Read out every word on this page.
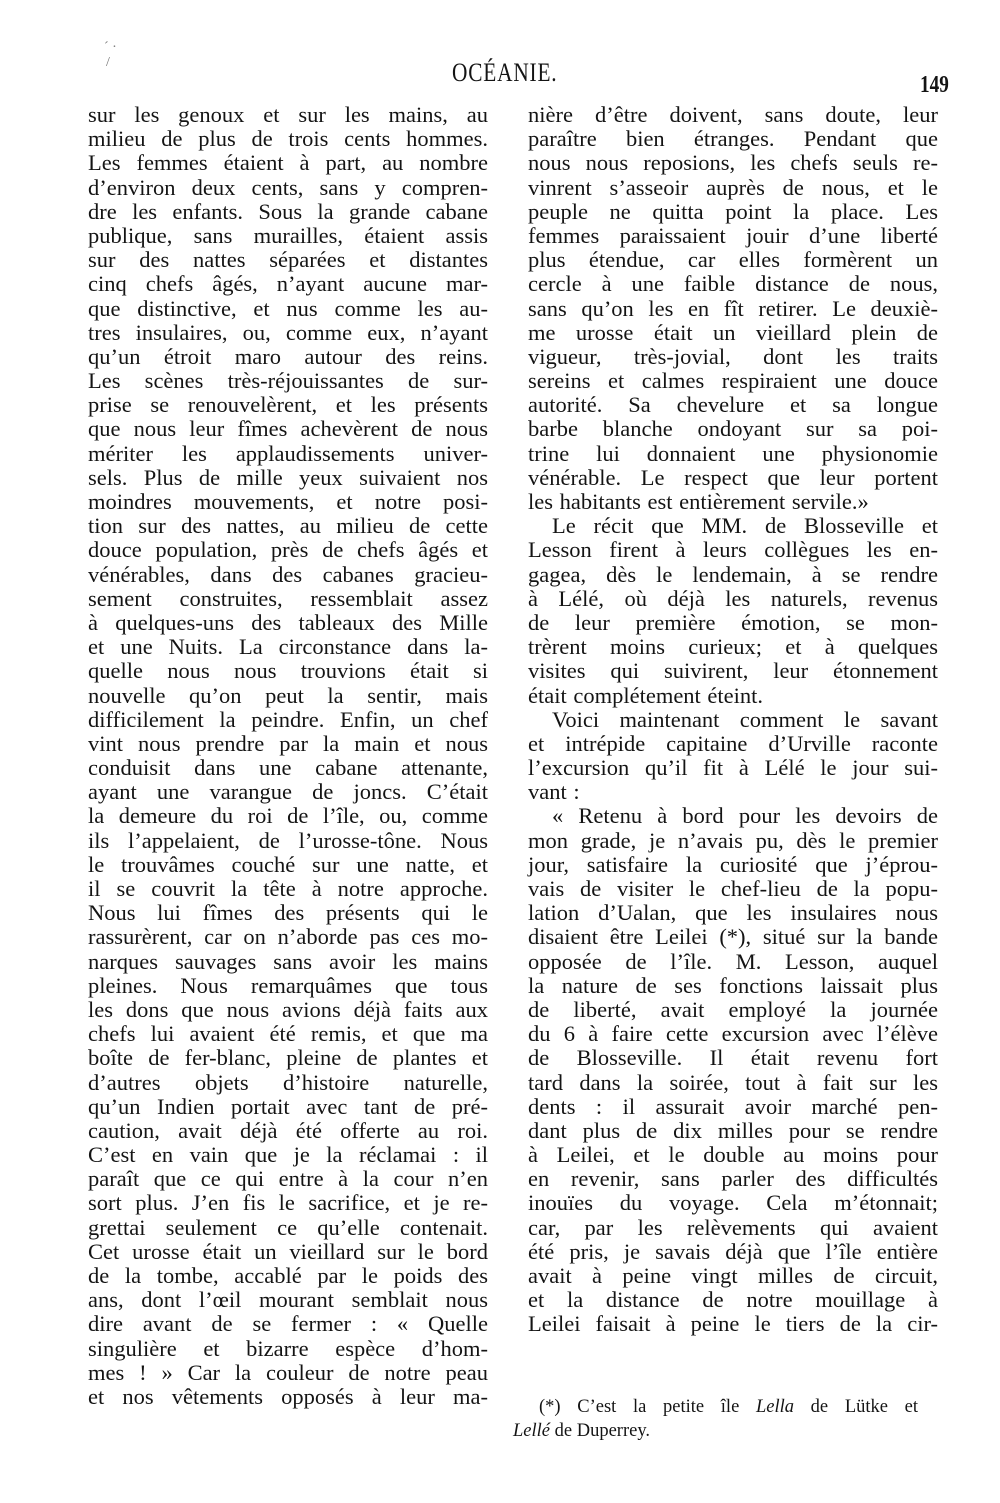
´ ·
/	OCÉANIE.	149
sur les genoux et sur les mains, au
milieu de plus de trois cents hommes.
Les femmes étaient à part, au nombre
d’environ deux cents, sans y compren-
dre les enfants. Sous la grande cabane
publique, sans murailles, étaient assis
sur des nattes séparées et distantes
cinq chefs âgés, n’ayant aucune mar-
que distinctive, et nus comme les au-
tres insulaires, ou, comme eux, n’ayant
qu’un étroit maro autour des reins.
Les scènes très-réjouissantes de sur-
prise se renouvelèrent, et les présents
que nous leur fîmes achevèrent de nous
mériter les applaudissements univer-
sels. Plus de mille yeux suivaient nos
moindres mouvements, et notre posi-
tion sur des nattes, au milieu de cette
douce population, près de chefs âgés et
vénérables, dans des cabanes gracieu-
sement construites, ressemblait assez
à quelques-uns des tableaux des Mille
et une Nuits. La circonstance dans la-
quelle nous nous trouvions était si
nouvelle qu’on peut la sentir, mais
difficilement la peindre. Enfin, un chef
vint nous prendre par la main et nous
conduisit dans une cabane attenante,
ayant une varangue de joncs. C’était
la demeure du roi de l’île, ou, comme
ils l’appelaient, de l’urosse-tône. Nous
le trouvâmes couché sur une natte, et
il se couvrit la tête à notre approche.
Nous lui fîmes des présents qui le
rassurèrent, car on n’aborde pas ces mo-
narques sauvages sans avoir les mains
pleines. Nous remarquâmes que tous
les dons que nous avions déjà faits aux
chefs lui avaient été remis, et que ma
boîte de fer-blanc, pleine de plantes et
d’autres objets d’histoire naturelle,
qu’un Indien portait avec tant de pré-
caution, avait déjà été offerte au roi.
C’est en vain que je la réclamai : il
paraît que ce qui entre à la cour n’en
sort plus. J’en fis le sacrifice, et je re-
grettai seulement ce qu’elle contenait.
Cet urosse était un vieillard sur le bord
de la tombe, accablé par le poids des
ans, dont l’œil mourant semblait nous
dire avant de se fermer : « Quelle
singulière et bizarre espèce d’hom-
mes ! » Car la couleur de notre peau
et nos vêtements opposés à leur ma-
nière d’être doivent, sans doute, leur
paraître bien étranges. Pendant que
nous nous reposions, les chefs seuls re-
vinrent s’asseoir auprès de nous, et le
peuple ne quitta point la place. Les
femmes paraissaient jouir d’une liberté
plus étendue, car elles formèrent un
cercle à une faible distance de nous,
sans qu’on les en fît retirer. Le deuxiè-
me urosse était un vieillard plein de
vigueur, très-jovial, dont les traits
sereins et calmes respiraient une douce
autorité. Sa chevelure et sa longue
barbe blanche ondoyant sur sa poi-
trine lui donnaient une physionomie
vénérable. Le respect que leur portent
les habitants est entièrement servile.»
Le récit que MM. de Blosseville et
Lesson firent à leurs collègues les en-
gagea, dès le lendemain, à se rendre
à Lélé, où déjà les naturels, revenus
de leur première émotion, se mon-
trèrent moins curieux; et à quelques
visites qui suivirent, leur étonnement
était complétement éteint.
Voici maintenant comment le savant
et intrépide capitaine d’Urville raconte
l’excursion qu’il fit à Lélé le jour sui-
vant :
« Retenu à bord pour les devoirs de
mon grade, je n’avais pu, dès le premier
jour, satisfaire la curiosité que j’éprou-
vais de visiter le chef-lieu de la popu-
lation d’Ualan, que les insulaires nous
disaient être Leilei (*), situé sur la bande
opposée de l’île. M. Lesson, auquel
la nature de ses fonctions laissait plus
de liberté, avait employé la journée
du 6 à faire cette excursion avec l’élève
de Blosseville. Il était revenu fort
tard dans la soirée, tout à fait sur les
dents : il assurait avoir marché pen-
dant plus de dix milles pour se rendre
à Leilei, et le double au moins pour
en revenir, sans parler des difficultés
inouïes du voyage. Cela m’étonnait;
car, par les relèvements qui avaient
été pris, je savais déjà que l’île entière
avait à peine vingt milles de circuit,
et la distance de notre mouillage à
Leilei faisait à peine le tiers de la cir-
(*) C’est la petite île Lella de Lütke et
Lellé de Duperrey.
